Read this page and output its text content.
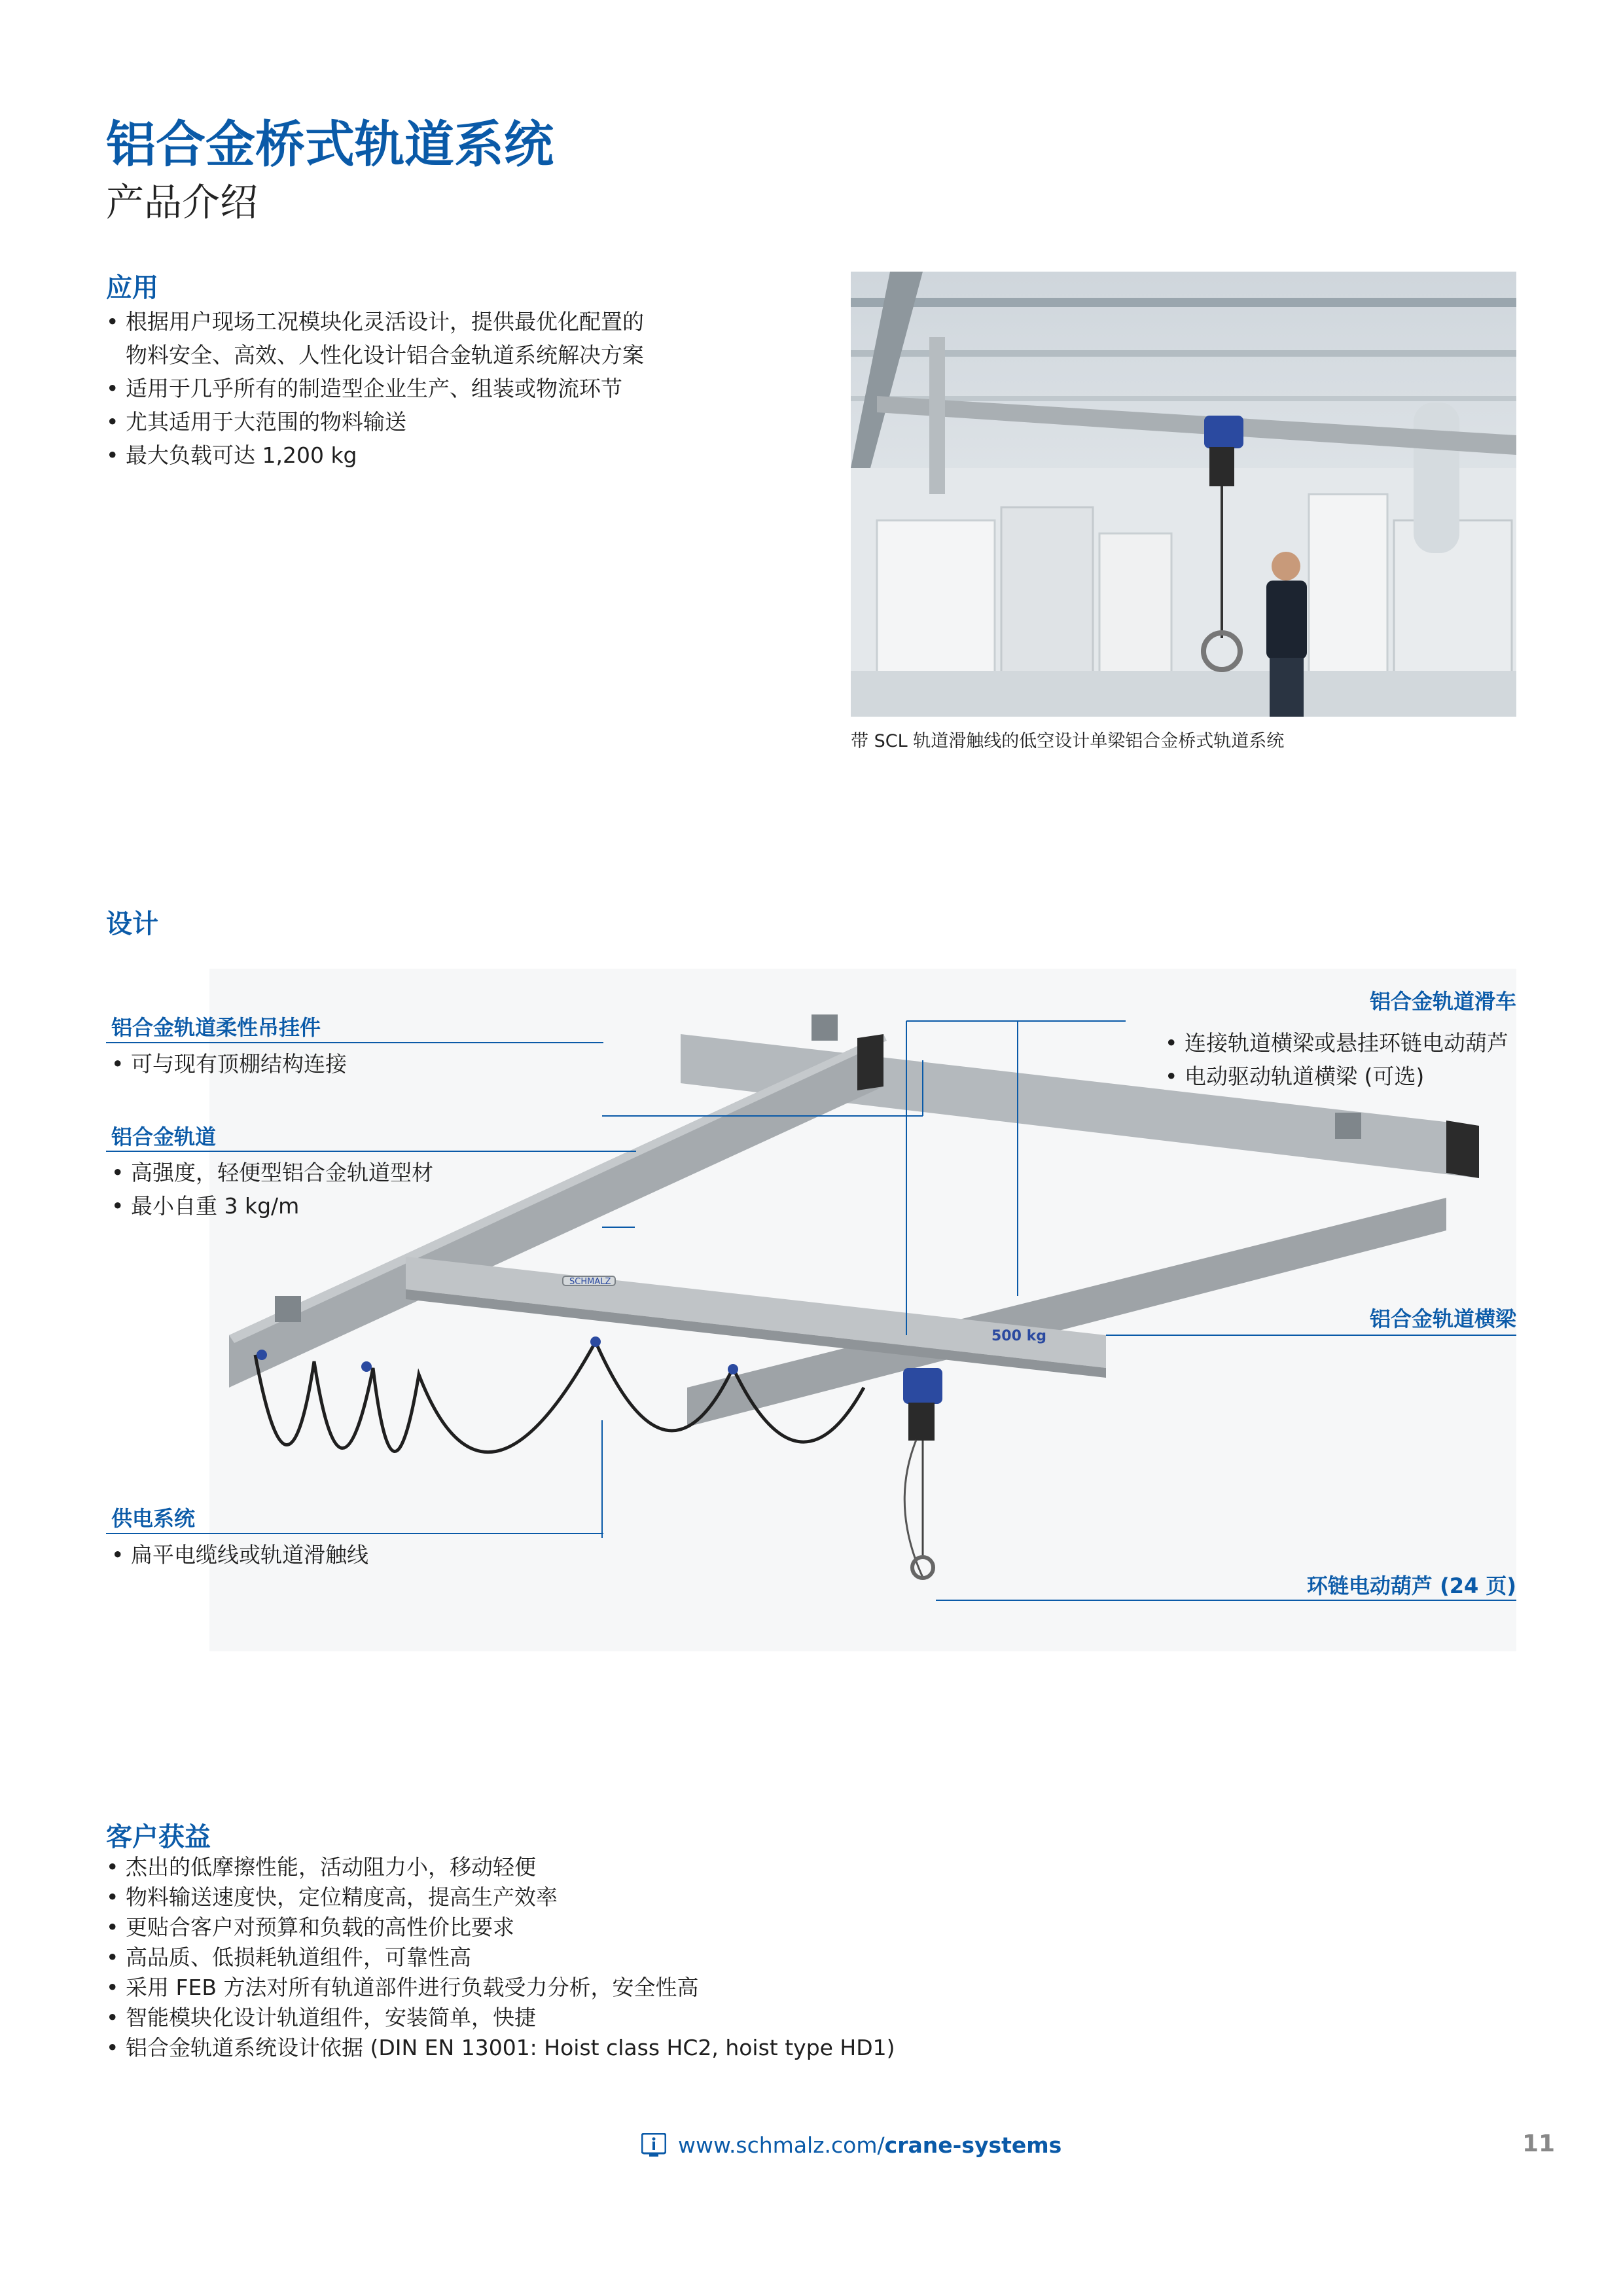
铝合金桥式轨道系统
产品介绍
应用
• 根据用户现场工况模块化灵活设计，提供最优化配置的
物料安全、高效、人性化设计铝合金轨道系统解决方案
• 适用于几乎所有的制造型企业生产、组装或物流环节
• 尤其适用于大范围的物料输送
• 最大负载可达 1,200 kg
带 SCL 轨道滑触线的低空设计单梁铝合金桥式轨道系统
设计
SCHMALZ
500 kg
铝合金轨道柔性吊挂件
• 可与现有顶棚结构连接
铝合金轨道
• 高强度，轻便型铝合金轨道型材
• 最小自重 3 kg/m
供电系统
• 扁平电缆线或轨道滑触线
铝合金轨道滑车
• 连接轨道横梁或悬挂环链电动葫芦
• 电动驱动轨道横梁 (可选)
铝合金轨道横梁
环链电动葫芦 (24 页)
客户获益
• 杰出的低摩擦性能，活动阻力小，移动轻便
• 物料输送速度快，定位精度高，提高生产效率
• 更贴合客户对预算和负载的高性价比要求
• 高品质、低损耗轨道组件，可靠性高
• 采用 FEB 方法对所有轨道部件进行负载受力分析，安全性高
• 智能模块化设计轨道组件，安装简单，快捷
• 铝合金轨道系统设计依据 (DIN EN 13001: Hoist class HC2, hoist type HD1)
www.schmalz.com/crane-systems	11
